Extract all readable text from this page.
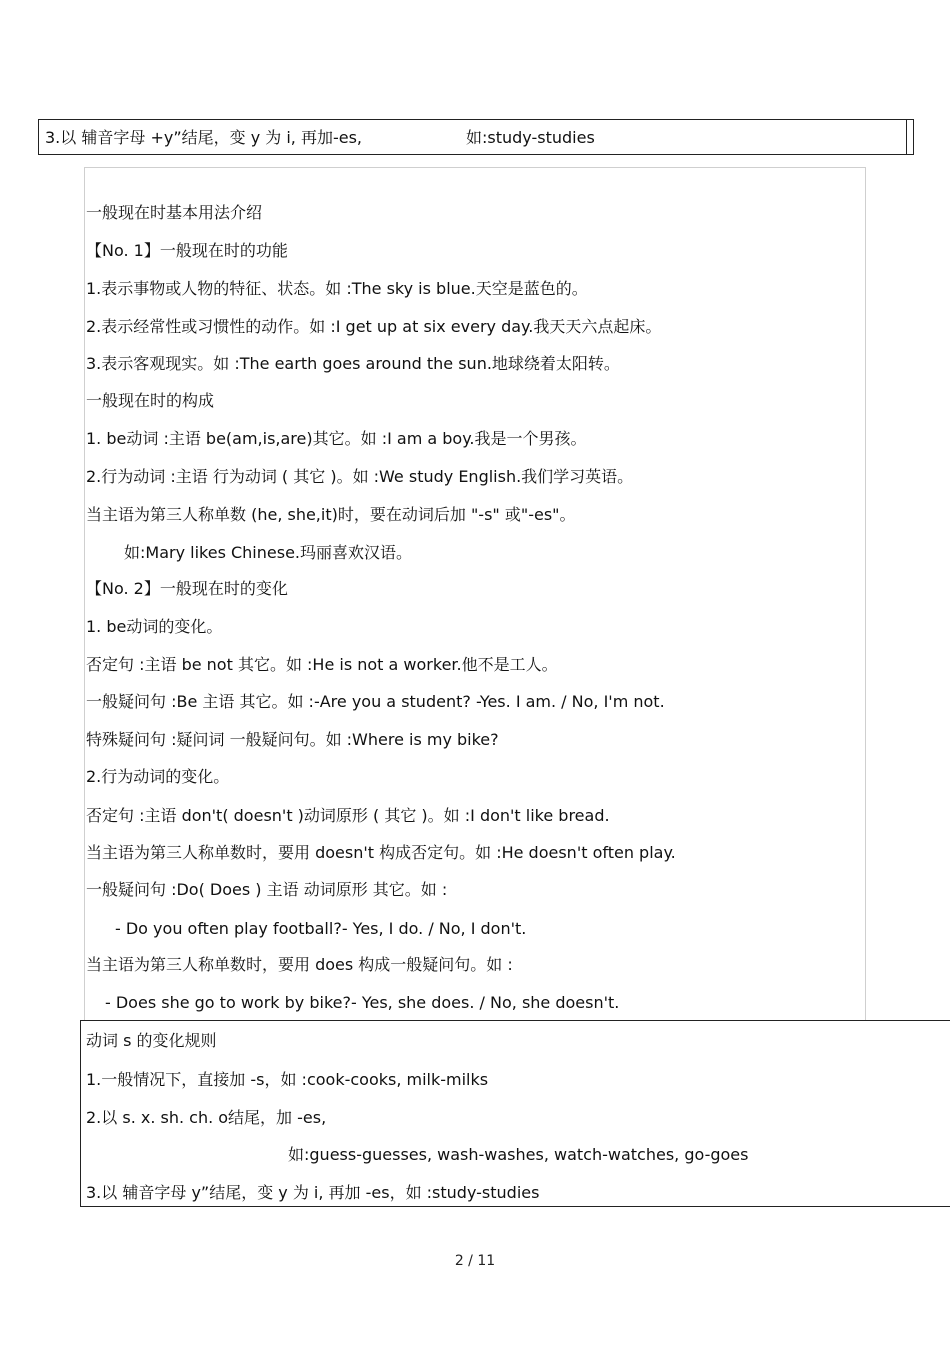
3.以 辅音字母 +y”结尾，变 y 为 i, 再加-es,	如:study-studies
一般现在时基本用法介绍
【No. 1】一般现在时的功能
1.表示事物或人物的特征、状态。如 :The sky is blue.天空是蓝色的。
2.表示经常性或习惯性的动作。如 :I get up at six every day.我天天六点起床。
3.表示客观现实。如 :The earth goes around the sun.地球绕着太阳转。
一般现在时的构成
1. be动词 :主语 be(am,is,are)其它。如 :I am a boy.我是一个男孩。
2.行为动词 :主语 行为动词 ( 其它 )。如 :We study English.我们学习英语。
当主语为第三人称单数 (he, she,it)时，要在动词后加 "-s" 或"-es"。
如:Mary likes Chinese.玛丽喜欢汉语。
【No. 2】一般现在时的变化
1. be动词的变化。
否定句 :主语 be not 其它。如 :He is not a worker.他不是工人。
一般疑问句 :Be 主语 其它。如 :-Are you a student? -Yes. I am. / No, I'm not.
特殊疑问句 :疑问词 一般疑问句。如 :Where is my bike?
2.行为动词的变化。
否定句 :主语 don't( doesn't )动词原形 ( 其它 )。如 :I don't like bread.
当主语为第三人称单数时，要用 doesn't 构成否定句。如 :He doesn't often play.
一般疑问句 :Do( Does ) 主语 动词原形 其它。如 :
- Do you often play football?- Yes, I do. / No, I don't.
当主语为第三人称单数时，要用 does 构成一般疑问句。如 :
- Does she go to work by bike?- Yes, she does. / No, she doesn't.
动词 s 的变化规则
1.一般情况下，直接加 -s，如 :cook-cooks, milk-milks
2.以 s. x. sh. ch. o结尾，加 -es,
如:guess-guesses, wash-washes, watch-watches, go-goes
3.以 辅音字母 y”结尾，变 y 为 i, 再加 -es，如 :study-studies
2 / 11
